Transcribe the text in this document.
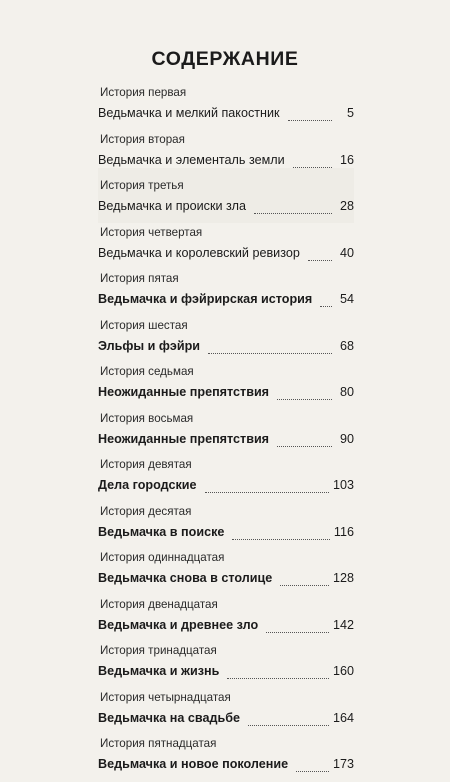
СОДЕРЖАНИЕ
История первая
Ведьмачка и мелкий пакостник	5
История вторая
Ведьмачка и элементаль земли	16
История третья
Ведьмачка и происки зла	28
История четвертая
Ведьмачка и королевский ревизор	40
История пятая
Ведьмачка и фэйрирская история	54
История шестая
Эльфы и фэйри	68
История седьмая
Неожиданные препятствия	80
История восьмая
Неожиданные препятствия	90
История девятая
Дела городские	103
История десятая
Ведьмачка в поиске	116
История одиннадцатая
Ведьмачка снова в столице	128
История двенадцатая
Ведьмачка и древнее зло	142
История тринадцатая
Ведьмачка и жизнь	160
История четырнадцатая
Ведьмачка на свадьбе	164
История пятнадцатая
Ведьмачка и новое поколение	173
